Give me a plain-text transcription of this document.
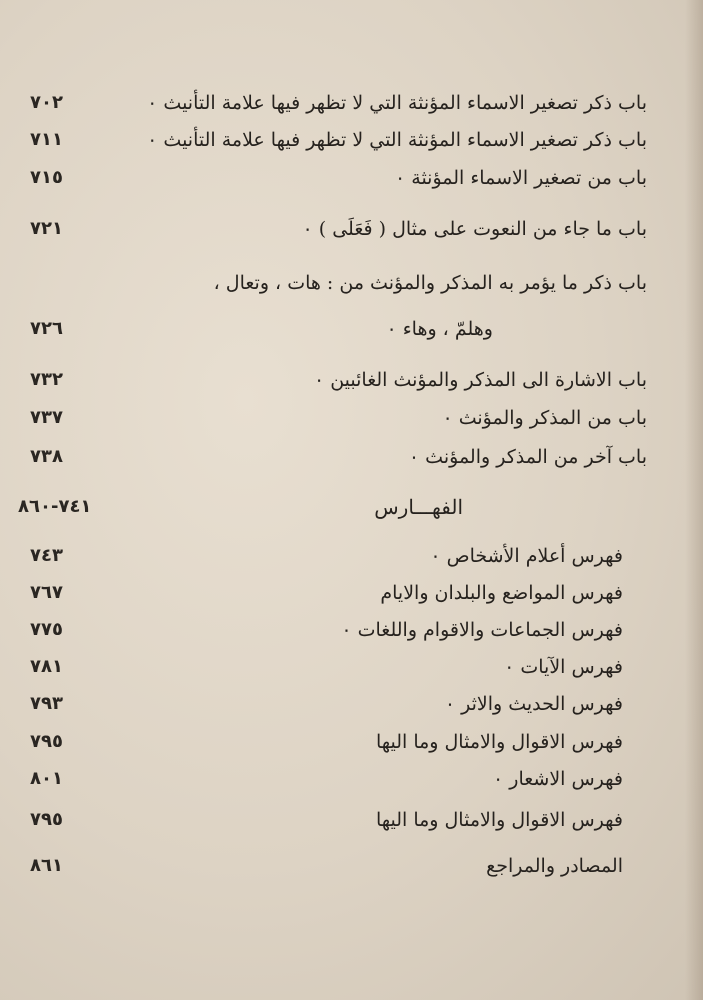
باب ذكر تصغير الاسماء المؤنثة التي لا تظهر فيها علامة التأنيث ٠
٧٠٢
باب ذكر تصغير الاسماء المؤنثة التي لا تظهر فيها علامة التأنيث ٠
٧١١
باب من تصغير الاسماء المؤنثة ٠
٧١٥
باب ما جاء من النعوت على مثال ( فَعَلَى ) ٠
٧٢١
باب ذكر ما يؤمر به المذكر والمؤنث من : هات ، وتعال ،
وهلمّ ، وهاء ٠
٧٢٦
باب الاشارة الى المذكر والمؤنث الغائبين ٠
٧٣٢
باب من المذكر والمؤنث ٠
٧٣٧
باب آخر من المذكر والمؤنث ٠
٧٣٨
الفهـــارس
٧٤١-٨٦٠
فهرس أعلام الأشخاص ٠
٧٤٣
فهرس المواضع والبلدان والايام
٧٦٧
فهرس الجماعات والاقوام واللغات ٠
٧٧٥
فهرس الآيات ٠
٧٨١
فهرس الحديث والاثر ٠
٧٩٣
فهرس الاقوال والامثال وما اليها
٧٩٥
فهرس الاشعار ٠
٨٠١
فهرس الاقوال والامثال وما اليها
٧٩٥
المصادر والمراجع
٨٦١
